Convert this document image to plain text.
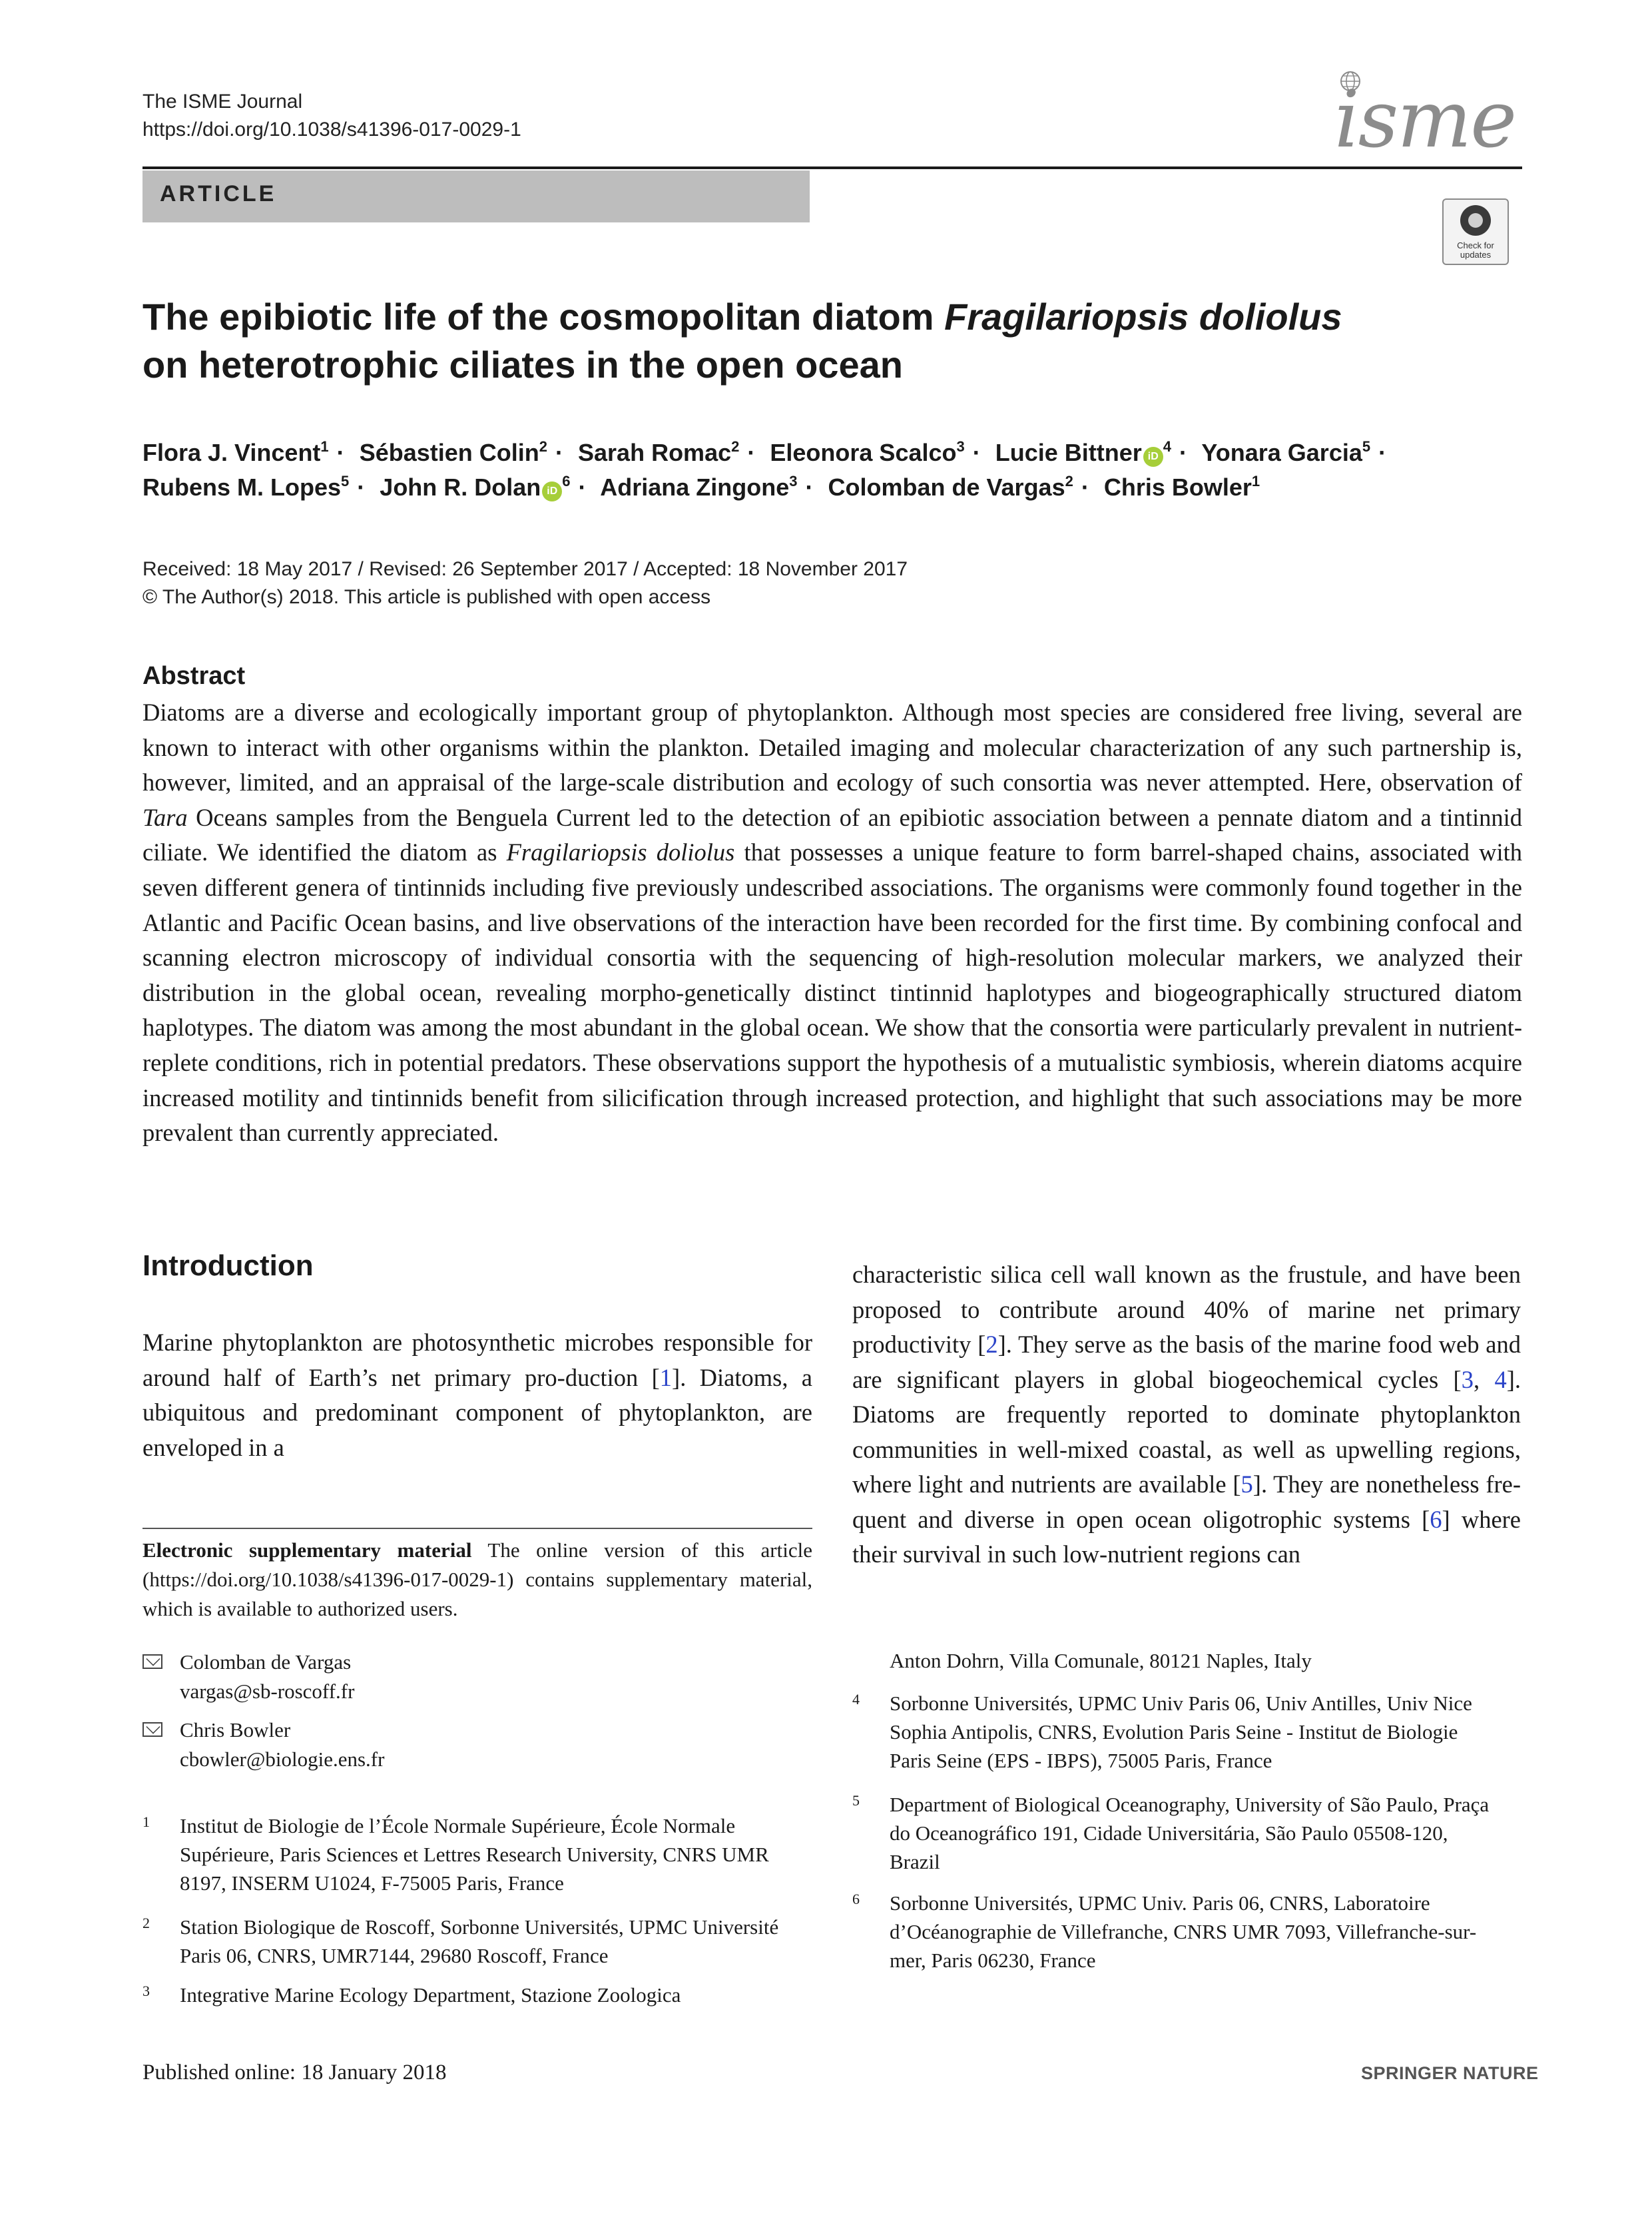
The ISME Journal
https://doi.org/10.1038/s41396-017-0029-1	isme
ARTICLE
Check for
updates
The epibiotic life of the cosmopolitan diatom Fragilariopsis doliolus
on heterotrophic ciliates in the open ocean
Flora J. Vincent$^1$ · Sébastien Colin$^2$ · Sarah Romac$^2$ · Eleonora Scalco$^3$ · Lucie Bittner $iD^4$ · Yonara Garcia$^5$ ·
Rubens M. Lopes$^5$ · John R. Dolan $iD^6$ · Adriana Zingone$^3$ · Colomban de Vargas$^2$ · Chris Bowler$^1$
Received: 18 May 2017 / Revised: 26 September 2017 / Accepted: 18 November 2017
© The Author(s) 2018. This article is published with open access
Abstract
Diatoms are a diverse and ecologically important group of phytoplankton. Although most species are considered free living, several are known to interact with other organisms within the plankton. Detailed imaging and molecular characterization of any such partnership is, however, limited, and an appraisal of the large-scale distribution and ecology of such consortia was never attempted. Here, observation of Tara Oceans samples from the Benguela Current led to the detection of an epibiotic association between a pennate diatom and a tintinnid ciliate. We identified the diatom as Fragilariopsis doliolus that possesses a unique feature to form barrel-shaped chains, associated with seven different genera of tintinnids including five previously undescribed associations. The organisms were commonly found together in the Atlantic and Pacific Ocean basins, and live observations of the interaction have been recorded for the first time. By combining confocal and scanning electron microscopy of individual consortia with the sequencing of high-resolution molecular markers, we analyzed their distribution in the global ocean, revealing morpho-genetically distinct tintinnid haplotypes and biogeographically structured diatom haplotypes. The diatom was among the most abundant in the global ocean. We show that the consortia were particularly prevalent in nutrient-replete conditions, rich in potential predators. These observations support the hypothesis of a mutualistic symbiosis, wherein diatoms acquire increased motility and tintinnids benefit from silicification through increased protection, and highlight that such associations may be more prevalent than currently appreciated.
Introduction
Marine phytoplankton are photosynthetic microbes responsible for around half of Earth’s net primary pro-duction [1]. Diatoms, a ubiquitous and predominant component of phytoplankton, are enveloped in a
characteristic silica cell wall known as the frustule, and have been proposed to contribute around 40% of marine net primary productivity [2]. They serve as the basis of the marine food web and are significant players in global biogeochemical cycles [3, 4]. Diatoms are frequently reported to dominate phytoplankton communities in well-mixed coastal, as well as upwelling regions, where light and nutrients are available [5]. They are nonetheless fre-quent and diverse in open ocean oligotrophic systems [6] where their survival in such low-nutrient regions can
Electronic supplementary material The online version of this article (https://doi.org/10.1038/s41396-017-0029-1) contains supplementary material, which is available to authorized users.
Colomban de Vargas
vargas@sb-roscoff.fr
Chris Bowler
cbowler@biologie.ens.fr
1 Institut de Biologie de l’École Normale Supérieure, École Normale Supérieure, Paris Sciences et Lettres Research University, CNRS UMR 8197, INSERM U1024, F-75005 Paris, France
2 Station Biologique de Roscoff, Sorbonne Universités, UPMC Université Paris 06, CNRS, UMR7144, 29680 Roscoff, France
3 Integrative Marine Ecology Department, Stazione Zoologica
Anton Dohrn, Villa Comunale, 80121 Naples, Italy
4 Sorbonne Universités, UPMC Univ Paris 06, Univ Antilles, Univ Nice Sophia Antipolis, CNRS, Evolution Paris Seine - Institut de Biologie Paris Seine (EPS - IBPS), 75005 Paris, France
5 Department of Biological Oceanography, University of São Paulo, Praça do Oceanográfico 191, Cidade Universitária, São Paulo 05508-120, Brazil
6 Sorbonne Universités, UPMC Univ. Paris 06, CNRS, Laboratoire d’Océanographie de Villefranche, CNRS UMR 7093, Villefranche-sur-mer, Paris 06230, France
Published online: 18 January 2018	SPRINGER NATURE
